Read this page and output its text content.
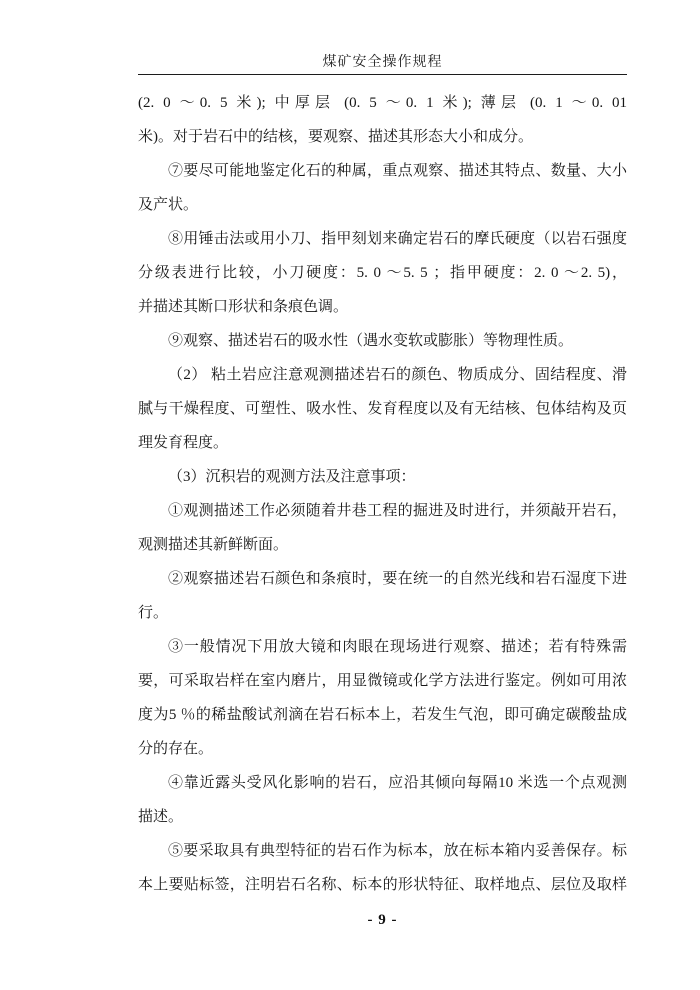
煤矿安全操作规程
(2. 0 ～0. 5 米); 中厚层 (0. 5 ～0. 1 米); 薄层 (0. 1 ～0. 01
米)。对于岩石中的结核，要观察、描述其形态大小和成分。
⑦要尽可能地鉴定化石的种属，重点观察、描述其特点、数量、大小
及产状。
⑧用锤击法或用小刀、指甲刻划来确定岩石的摩氏硬度（以岩石强度
分级表进行比较，小刀硬度：5. 0 ～5. 5 ；指甲硬度：2. 0 ～2. 5)，
并描述其断口形状和条痕色调。
⑨观察、描述岩石的吸水性（遇水变软或膨胀）等物理性质。
（2） 粘土岩应注意观测描述岩石的颜色、物质成分、固结程度、滑
腻与干燥程度、可塑性、吸水性、发育程度以及有无结核、包体结构及页
理发育程度。
（3）沉积岩的观测方法及注意事项：
①观测描述工作必须随着井巷工程的掘进及时进行，并须敲开岩石，
观测描述其新鲜断面。
②观察描述岩石颜色和条痕时，要在统一的自然光线和岩石湿度下进
行。
③一般情况下用放大镜和肉眼在现场进行观察、描述；若有特殊需
要，可采取岩样在室内磨片，用显微镜或化学方法进行鉴定。例如可用浓
度为5 ％的稀盐酸试剂滴在岩石标本上，若发生气泡，即可确定碳酸盐成
分的存在。
④靠近露头受风化影响的岩石，应沿其倾向每隔10 米选一个点观测
描述。
⑤要采取具有典型特征的岩石作为标本，放在标本箱内妥善保存。标
本上要贴标签，注明岩石名称、标本的形状特征、取样地点、层位及取样
- 9 -
